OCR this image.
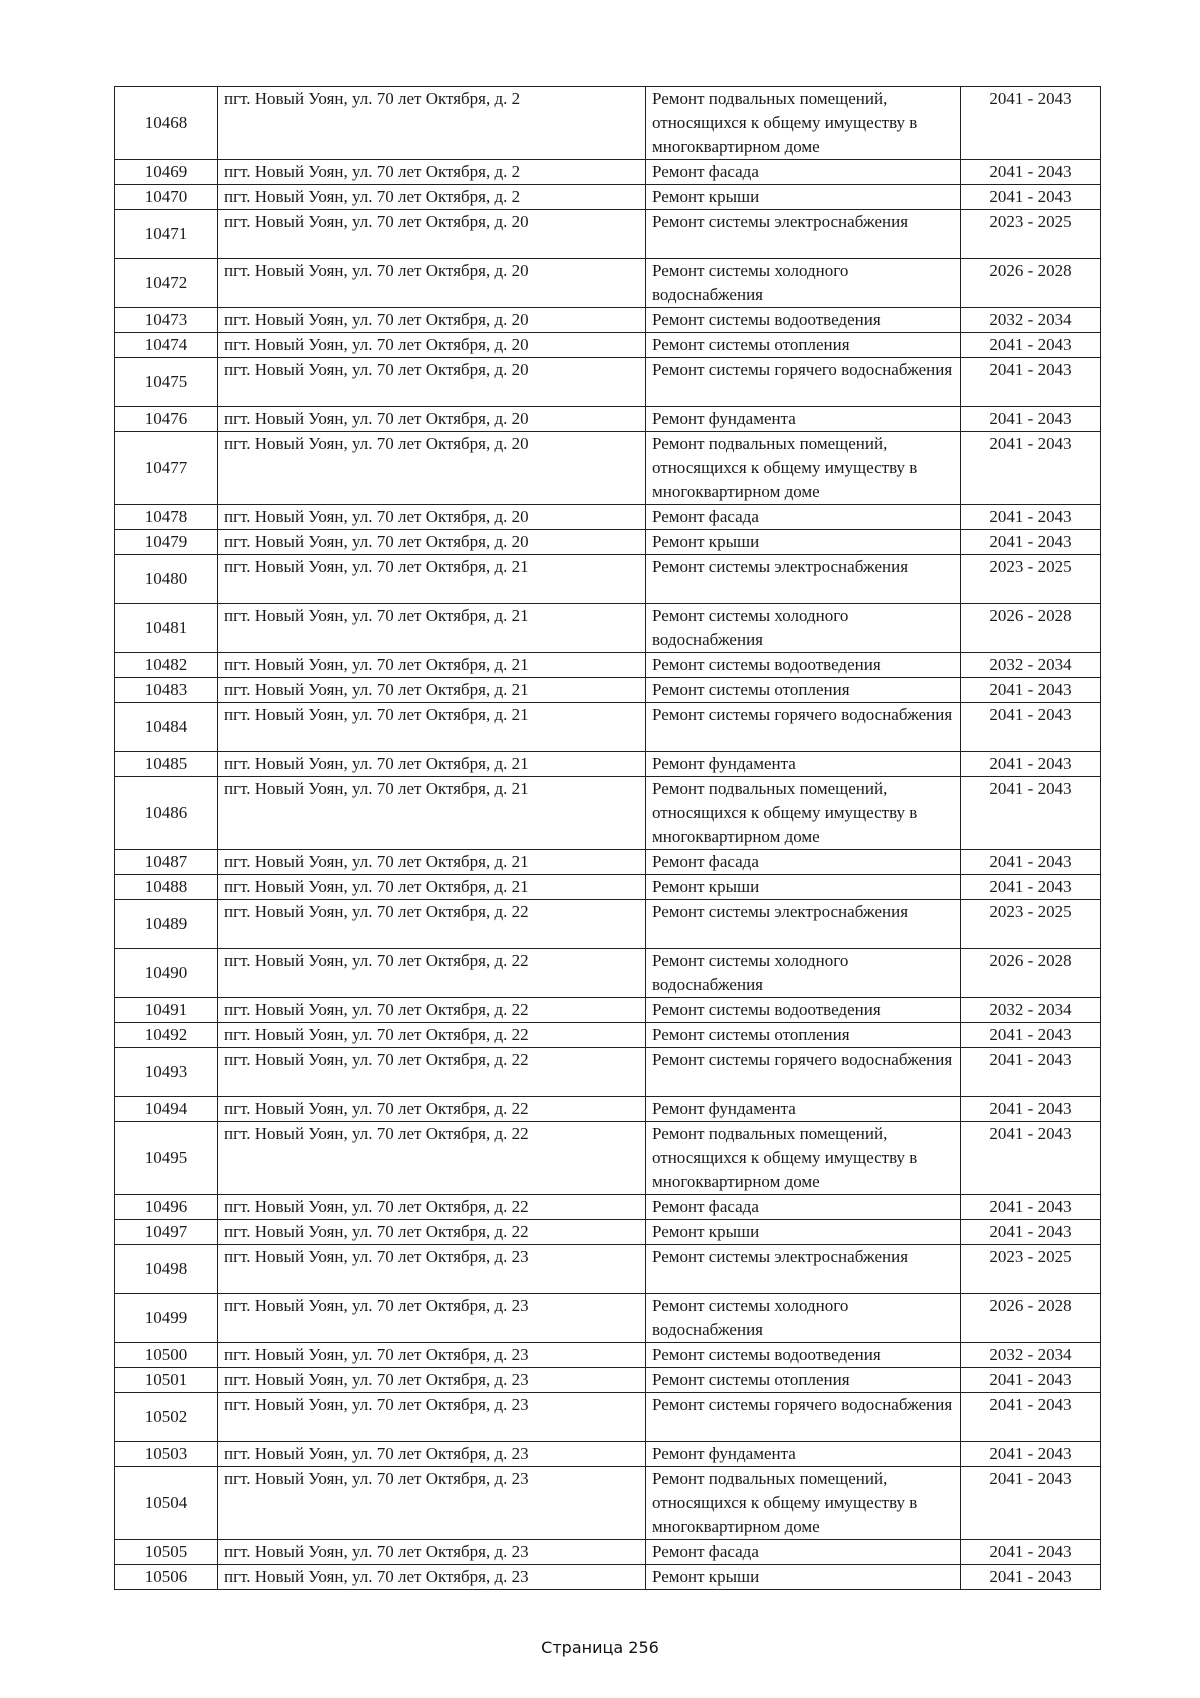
10468	пгт. Новый Уоян, ул. 70 лет Октября, д. 2	Ремонт подвальных помещений, относящихся к общему имуществу в многоквартирном доме	2041 - 2043
10469	пгт. Новый Уоян, ул. 70 лет Октября, д. 2	Ремонт фасада	2041 - 2043
10470	пгт. Новый Уоян, ул. 70 лет Октября, д. 2	Ремонт крыши	2041 - 2043
10471	пгт. Новый Уоян, ул. 70 лет Октября, д. 20	Ремонт системы электроснабжения	2023 - 2025
10472	пгт. Новый Уоян, ул. 70 лет Октября, д. 20	Ремонт системы холодного водоснабжения	2026 - 2028
10473	пгт. Новый Уоян, ул. 70 лет Октября, д. 20	Ремонт системы водоотведения	2032 - 2034
10474	пгт. Новый Уоян, ул. 70 лет Октября, д. 20	Ремонт системы отопления	2041 - 2043
10475	пгт. Новый Уоян, ул. 70 лет Октября, д. 20	Ремонт системы горячего водоснабжения	2041 - 2043
10476	пгт. Новый Уоян, ул. 70 лет Октября, д. 20	Ремонт фундамента	2041 - 2043
10477	пгт. Новый Уоян, ул. 70 лет Октября, д. 20	Ремонт подвальных помещений, относящихся к общему имуществу в многоквартирном доме	2041 - 2043
10478	пгт. Новый Уоян, ул. 70 лет Октября, д. 20	Ремонт фасада	2041 - 2043
10479	пгт. Новый Уоян, ул. 70 лет Октября, д. 20	Ремонт крыши	2041 - 2043
10480	пгт. Новый Уоян, ул. 70 лет Октября, д. 21	Ремонт системы электроснабжения	2023 - 2025
10481	пгт. Новый Уоян, ул. 70 лет Октября, д. 21	Ремонт системы холодного водоснабжения	2026 - 2028
10482	пгт. Новый Уоян, ул. 70 лет Октября, д. 21	Ремонт системы водоотведения	2032 - 2034
10483	пгт. Новый Уоян, ул. 70 лет Октября, д. 21	Ремонт системы отопления	2041 - 2043
10484	пгт. Новый Уоян, ул. 70 лет Октября, д. 21	Ремонт системы горячего водоснабжения	2041 - 2043
10485	пгт. Новый Уоян, ул. 70 лет Октября, д. 21	Ремонт фундамента	2041 - 2043
10486	пгт. Новый Уоян, ул. 70 лет Октября, д. 21	Ремонт подвальных помещений, относящихся к общему имуществу в многоквартирном доме	2041 - 2043
10487	пгт. Новый Уоян, ул. 70 лет Октября, д. 21	Ремонт фасада	2041 - 2043
10488	пгт. Новый Уоян, ул. 70 лет Октября, д. 21	Ремонт крыши	2041 - 2043
10489	пгт. Новый Уоян, ул. 70 лет Октября, д. 22	Ремонт системы электроснабжения	2023 - 2025
10490	пгт. Новый Уоян, ул. 70 лет Октября, д. 22	Ремонт системы холодного водоснабжения	2026 - 2028
10491	пгт. Новый Уоян, ул. 70 лет Октября, д. 22	Ремонт системы водоотведения	2032 - 2034
10492	пгт. Новый Уоян, ул. 70 лет Октября, д. 22	Ремонт системы отопления	2041 - 2043
10493	пгт. Новый Уоян, ул. 70 лет Октября, д. 22	Ремонт системы горячего водоснабжения	2041 - 2043
10494	пгт. Новый Уоян, ул. 70 лет Октября, д. 22	Ремонт фундамента	2041 - 2043
10495	пгт. Новый Уоян, ул. 70 лет Октября, д. 22	Ремонт подвальных помещений, относящихся к общему имуществу в многоквартирном доме	2041 - 2043
10496	пгт. Новый Уоян, ул. 70 лет Октября, д. 22	Ремонт фасада	2041 - 2043
10497	пгт. Новый Уоян, ул. 70 лет Октября, д. 22	Ремонт крыши	2041 - 2043
10498	пгт. Новый Уоян, ул. 70 лет Октября, д. 23	Ремонт системы электроснабжения	2023 - 2025
10499	пгт. Новый Уоян, ул. 70 лет Октября, д. 23	Ремонт системы холодного водоснабжения	2026 - 2028
10500	пгт. Новый Уоян, ул. 70 лет Октября, д. 23	Ремонт системы водоотведения	2032 - 2034
10501	пгт. Новый Уоян, ул. 70 лет Октября, д. 23	Ремонт системы отопления	2041 - 2043
10502	пгт. Новый Уоян, ул. 70 лет Октября, д. 23	Ремонт системы горячего водоснабжения	2041 - 2043
10503	пгт. Новый Уоян, ул. 70 лет Октября, д. 23	Ремонт фундамента	2041 - 2043
10504	пгт. Новый Уоян, ул. 70 лет Октября, д. 23	Ремонт подвальных помещений, относящихся к общему имуществу в многоквартирном доме	2041 - 2043
10505	пгт. Новый Уоян, ул. 70 лет Октября, д. 23	Ремонт фасада	2041 - 2043
10506	пгт. Новый Уоян, ул. 70 лет Октября, д. 23	Ремонт крыши	2041 - 2043
Страница 256
